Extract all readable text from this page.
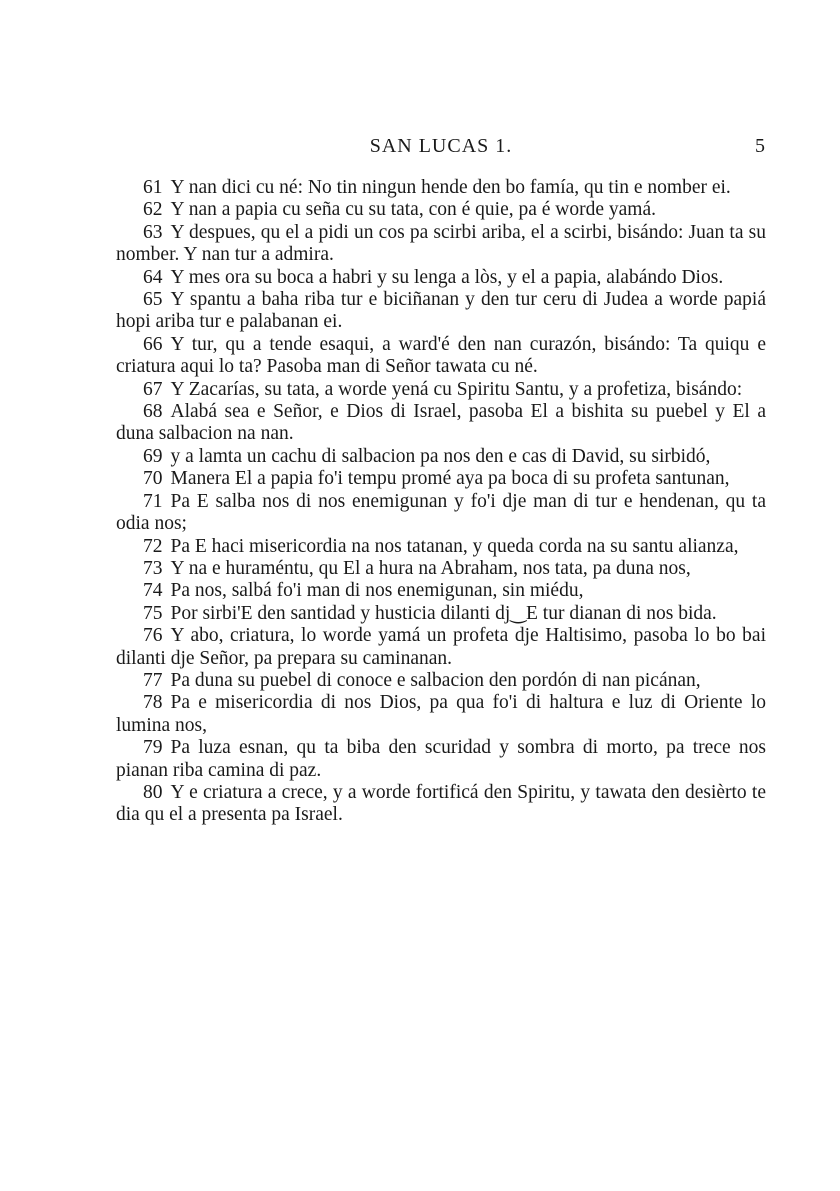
SAN LUCAS 1.	5

61 Y nan dici cu né: No tin ningun hende den bo famía, qu tin e nomber ei.

62 Y nan a papia cu seña cu su tata, con é quie, pa é worde yamá.

63 Y despues, qu el a pidi un cos pa scirbi ariba, el a scirbi, bisándo: Juan ta su nomber. Y nan tur a admira.

64 Y mes ora su boca a habri y su lenga a lòs, y el a papia, alabándo Dios.

65 Y spantu a baha riba tur e biciñanan y den tur ceru di Judea a worde papiá hopi ariba tur e palabanan ei.

66 Y tur, qu a tende esaqui, a ward'é den nan curazón, bisándo: Ta quiqu e criatura aqui lo ta? Pasoba man di Señor tawata cu né.

67 Y Zacarías, su tata, a worde yená cu Spiritu Santu, y a profetiza, bisándo:

68 Alabá sea e Señor, e Dios di Israel, pasoba El a bishita su puebel y El a duna salbacion na nan.

69 y a lamta un cachu di salbacion pa nos den e cas di David, su sirbidó,

70 Manera El a papia fo'i tempu promé aya pa boca di su profeta santunan,

71 Pa E salba nos di nos enemigunan y fo'i dje man di tur e hendenan, qu ta odia nos;

72 Pa E haci misericordia na nos tatanan, y queda corda na su santu alianza,

73 Y na e huraméntu, qu El a hura na Abraham, nos tata, pa duna nos,

74 Pa nos, salbá fo'i man di nos enemigunan, sin miédu,

75 Por sirbi'E den santidad y husticia dilanti dj‿E tur dianan di nos bida.

76 Y abo, criatura, lo worde yamá un profeta dje Haltisimo, pasoba lo bo bai dilanti dje Señor, pa prepara su caminanan.

77 Pa duna su puebel di conoce e salbacion den pordón di nan picánan,

78 Pa e misericordia di nos Dios, pa qua fo'i di haltura e luz di Oriente lo lumina nos,

79 Pa luza esnan, qu ta biba den scuridad y sombra di morto, pa trece nos pianan riba camina di paz.

80 Y e criatura a crece, y a worde fortificá den Spiritu, y tawata den desièrto te dia qu el a presenta pa Israel.
